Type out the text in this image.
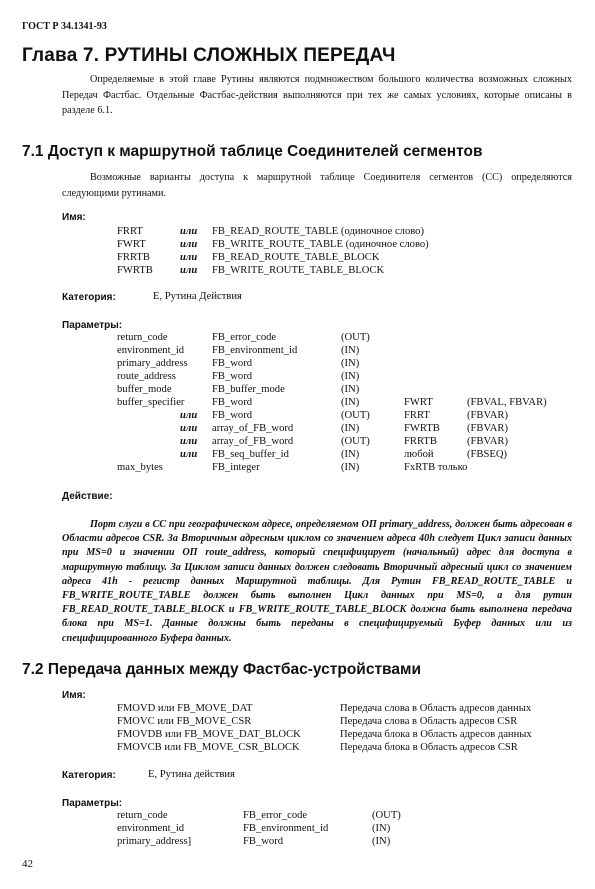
ГОСТ Р 34.1341-93
Глава 7. РУТИНЫ СЛОЖНЫХ ПЕРЕДАЧ
Определяемые в этой главе Рутины являются подмножеством большого количества возможных сложных Передач Фастбас. Отдельные Фастбас-действия выполняются при тех же самых условиях, которые описаны в разделе 6.1.
7.1 Доступ к маршрутной таблице Соединителей сегментов
Возможные варианты доступа к маршрутной таблице Соединителя сегментов (СС) определяются следующими рутинами.
Имя:
FRRT	или FB_READ_ROUTE_TABLE (одиночное слово)
FWRT	или FB_WRITE_ROUTE_TABLE (одиночное слово)
FRRTB	или FB_READ_ROUTE_TABLE_BLOCK
FWRTB	или FB_WRITE_ROUTE_TABLE_BLOCK
Категория:	Е, Рутина Действия
Параметры:
return_code	FB_error_code	(OUT)
environment_id	FB_environment_id	(IN)
primary_address FB_word	(IN)
route_address	FB_word	(IN)
buffer_mode	FB_buffer_mode	(IN)
buffer_specifier	FB_word	(IN)	FWRT	(FBVAL, FBVAR)
или FB_word	(OUT)	FRRT	(FBVAR)
или array_of_FB_word	(IN)	FWRTB	(FBVAR)
или array_of_FB_word	(OUT)	FRRTB	(FBVAR)
или FB_seq_buffer_id	(IN)	любой	(FBSEQ)
max_bytes	FB_integer	(IN)	FxRTB только
Действие:
Порт слуги в СС при географическом адресе, определяемом ОП primary_address, должен быть адресован в Области адресов CSR. За Вторичным адресным циклом со значением адреса 40h следует Цикл записи данных при MS=0 и значении ОП route_address, который специфицирует (начальный) адрес для доступа в маршрутную таблицу. За Циклом записи данных должен следовать Вторичный адресный цикл со значением адреса 41h - регистр данных Маршрутной таблицы. Для Рутин FB_READ_ROUTE_TABLE и FB_WRITE_ROUTE_TABLE должен быть выполнен Цикл данных при MS=0, а для рутин FB_READ_ROUTE_TABLE_BLOCK и FB_WRITE_ROUTE_TABLE_BLOCK должна быть выполнена передача блока при MS=1. Данные должны быть переданы в специфицируемый Буфер данных или из специфицированного Буфера данных.
7.2 Передача данных между Фастбас-устройствами
Имя:
FMOVD или FB_MOVE_DAT	Передача слова в Область адресов данных
FMOVC или FB_MOVE_CSR	Передача слова в Область адресов CSR
FMOVDB или FB_MOVE_DAT_BLOCK	Передача блока в Область адресов данных
FMOVCB или FB_MOVE_CSR_BLOCK	Передача блока в Область адресов CSR
Категория:	Е, Рутина действия
Параметры:
return_code	FB_error_code	(OUT)
environment_id	FB_environment_id	(IN)
primary_address]	FB_word	(IN)
42
